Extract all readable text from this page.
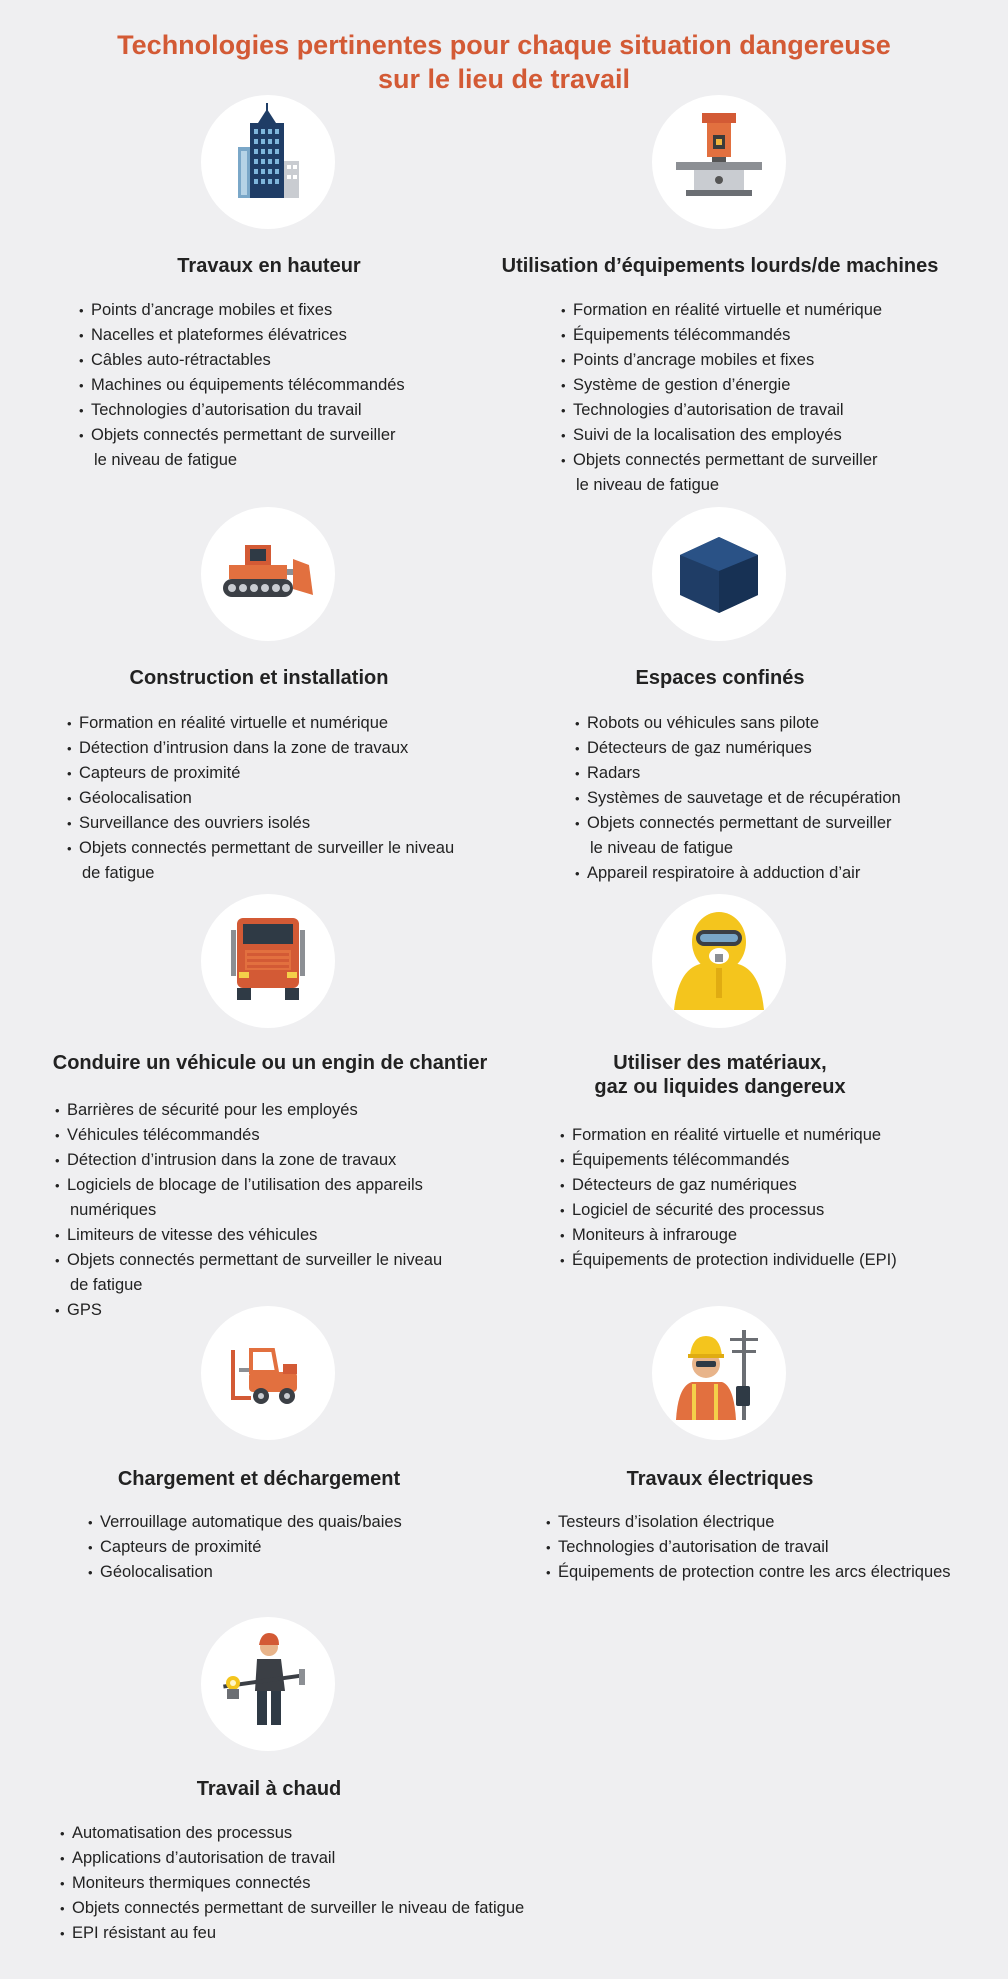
Technologies pertinentes pour chaque situation dangereuse
sur le lieu de travail
Travaux en hauteur
• Points d’ancrage mobiles et fixes
• Nacelles et plateformes élévatrices
• Câbles auto-rétractables
• Machines ou équipements télécommandés
• Technologies d’autorisation du travail
• Objets connectés permettant de surveiller
le niveau de fatigue
Utilisation d’équipements lourds/de machines
• Formation en réalité virtuelle et numérique
• Équipements télécommandés
• Points d’ancrage mobiles et fixes
• Système de gestion d’énergie
• Technologies d’autorisation de travail
• Suivi de la localisation des employés
• Objets connectés permettant de surveiller
le niveau de fatigue
Construction et installation
• Formation en réalité virtuelle et numérique
• Détection d’intrusion dans la zone de travaux
• Capteurs de proximité
• Géolocalisation
• Surveillance des ouvriers isolés
• Objets connectés permettant de surveiller le niveau
de fatigue
Espaces confinés
• Robots ou véhicules sans pilote
• Détecteurs de gaz numériques
• Radars
• Systèmes de sauvetage et de récupération
• Objets connectés permettant de surveiller
le niveau de fatigue
• Appareil respiratoire à adduction d’air
Conduire un véhicule ou un engin de chantier
• Barrières de sécurité pour les employés
• Véhicules télécommandés
• Détection d’intrusion dans la zone de travaux
• Logiciels de blocage de l’utilisation des appareils
numériques
• Limiteurs de vitesse des véhicules
• Objets connectés permettant de surveiller le niveau
de fatigue
• GPS
Utiliser des matériaux,
gaz ou liquides dangereux
• Formation en réalité virtuelle et numérique
• Équipements télécommandés
• Détecteurs de gaz numériques
• Logiciel de sécurité des processus
• Moniteurs à infrarouge
• Équipements de protection individuelle (EPI)
Chargement et déchargement
• Verrouillage automatique des quais/baies
• Capteurs de proximité
• Géolocalisation
Travaux électriques
• Testeurs d’isolation électrique
• Technologies d’autorisation de travail
• Équipements de protection contre les arcs électriques
Travail à chaud
• Automatisation des processus
• Applications d’autorisation de travail
• Moniteurs thermiques connectés
• Objets connectés permettant de surveiller le niveau de fatigue
• EPI résistant au feu
